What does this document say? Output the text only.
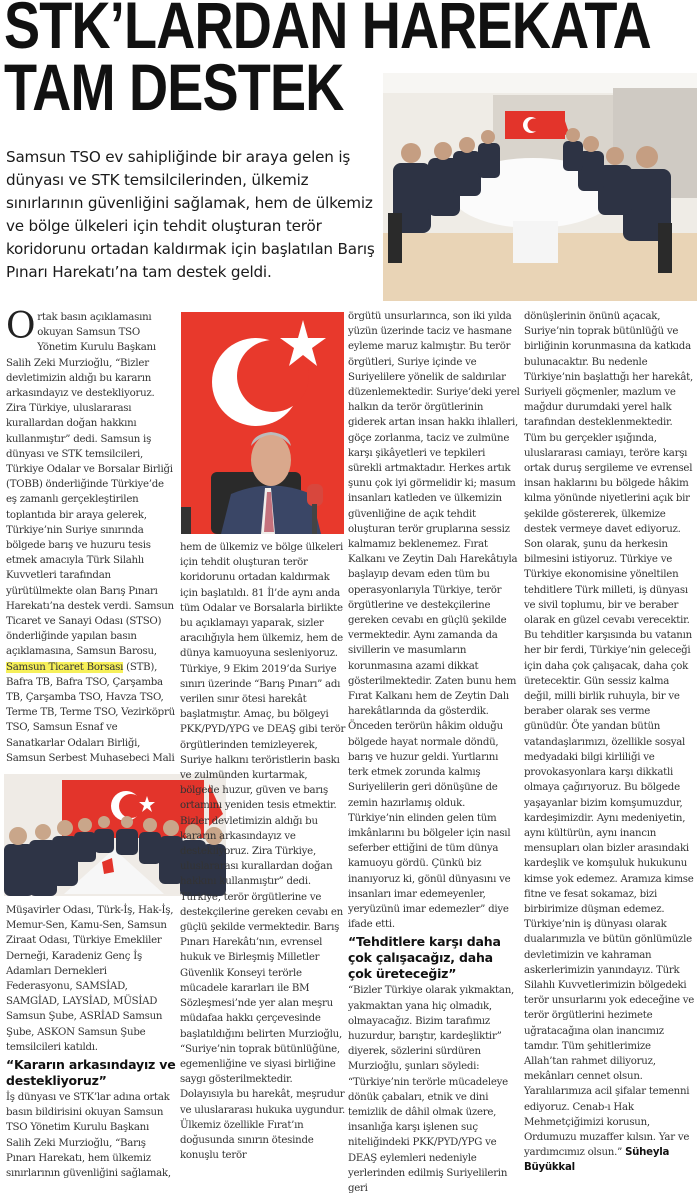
STK’LARDAN HAREKATA
TAM DESTEK

Samsun TSO ev sahipliğinde bir araya gelen iş dünyası ve STK temsilcilerinden, ülkemiz sınırlarının güvenliğini sağlamak, hem de ülkemiz ve bölge ülkeleri için tehdit oluşturan terör koridorunu ortadan kaldırmak için başlatılan Barış Pınarı Harekatı’na tam destek geldi.

Ortak basın açıklamasını okuyan Samsun TSO Yönetim Kurulu Başkanı Salih Zeki Murzioğlu, “Bizler devletimizin aldığı bu kararın arkasındayız ve destekliyoruz. Zira Türkiye, uluslararası kurallardan doğan hakkını kullanmıştır” dedi. Samsun iş dünyası ve STK temsilcileri, Türkiye Odalar ve Borsalar Birliği (TOBB) önderliğinde Türkiye’de eş zamanlı gerçekleştirilen toplantıda bir araya gelerek, Türkiye’nin Suriye sınırında bölgede barış ve huzuru tesis etmek amacıyla Türk Silahlı Kuvvetleri tarafından yürütülmekte olan Barış Pınarı Harekatı’na destek verdi. Samsun Ticaret ve Sanayi Odası (STSO) önderliğinde yapılan basın açıklamasına, Samsun Barosu, Samsun Ticaret Borsası (STB), Bafra TB, Bafra TSO, Çarşamba TB, Çarşamba TSO, Havza TSO, Terme TB, Terme TSO, Vezirköprü TSO, Samsun Esnaf ve Sanatkarlar Odaları Birliği, Samsun Serbest Muhasebeci Mali

Müşavirler Odası, Türk-İş, Hak-İş, Memur-Sen, Kamu-Sen, Samsun Ziraat Odası, Türkiye Emekliler Derneği, Karadeniz Genç İş Adamları Dernekleri Federasyonu, SAMSİAD, SAMGİAD, LAYSİAD, MÜSİAD Samsun Şube, ASRİAD Samsun Şube, ASKON Samsun Şube temsilcileri katıldı.

“Kararın arkasındayız ve destekliyoruz”

İş dünyası ve STK’lar adına ortak basın bildirisini okuyan Samsun TSO Yönetim Kurulu Başkanı Salih Zeki Murzioğlu, “Barış Pınarı Harekatı, hem ülkemiz sınırlarının güvenliğini sağlamak,

hem de ülkemiz ve bölge ülkeleri için tehdit oluşturan terör koridorunu ortadan kaldırmak için başlatıldı. 81 İl’de aynı anda tüm Odalar ve Borsalarla birlikte bu açıklamayı yaparak, sizler aracılığıyla hem ülkemiz, hem de dünya kamuoyuna sesleniyoruz. Türkiye, 9 Ekim 2019’da Suriye sınırı üzerinde “Barış Pınarı” adı verilen sınır ötesi harekât başlatmıştır. Amaç, bu bölgeyi PKK/PYD/YPG ve DEAŞ gibi terör örgütlerinden temizleyerek, Suriye halkını teröristlerin baskı ve zulmünden kurtarmak, bölgede huzur, güven ve barış ortamını yeniden tesis etmektir. Bizler devletimizin aldığı bu kararın arkasındayız ve destekliyoruz. Zira Türkiye, uluslararası kurallardan doğan hakkını kullanmıştır” dedi. Türkiye, terör örgütlerine ve destekçilerine gereken cevabı en güçlü şekilde vermektedir. Barış Pınarı Harekâtı’nın, evrensel hukuk ve Birleşmiş Milletler Güvenlik Konseyi terörle mücadele kararları ile BM Sözleşmesi’nde yer alan meşru müdafaa hakkı çerçevesinde başlatıldığını belirten Murzioğlu, “Suriye’nin toprak bütünlüğüne, egemenliğine ve siyasi birliğine saygı gösterilmektedir. Dolayısıyla bu harekât, meşrudur ve uluslararası hukuka uygundur. Ülkemiz özellikle Fırat’ın doğusunda sınırın ötesinde konuşlu terör

örgütü unsurlarınca, son iki yılda yüzün üzerinde taciz ve hasmane eyleme maruz kalmıştır. Bu terör örgütleri, Suriye içinde ve Suriyelilere yönelik de saldırılar düzenlemektedir. Suriye’deki yerel halkın da terör örgütlerinin giderek artan insan hakkı ihlalleri, göçe zorlanma, taciz ve zulmüne karşı şikâyetleri ve tepkileri sürekli artmaktadır. Herkes artık şunu çok iyi görmelidir ki; masum insanları katleden ve ülkemizin güvenliğine de açık tehdit oluşturan terör gruplarına sessiz kalmamız beklenemez. Fırat Kalkanı ve Zeytin Dalı Harekâtıyla başlayıp devam eden tüm bu operasyonlarıyla Türkiye, terör örgütlerine ve destekçilerine gereken cevabı en güçlü şekilde vermektedir. Aynı zamanda da sivillerin ve masumların korunmasına azami dikkat gösterilmektedir. Zaten bunu hem Fırat Kalkanı hem de Zeytin Dalı harekâtlarında da gösterdik. Önceden terörün hâkim olduğu bölgede hayat normale döndü, barış ve huzur geldi. Yurtlarını terk etmek zorunda kalmış Suriyelilerin geri dönüşüne de zemin hazırlamış olduk. Türkiye’nin elinden gelen tüm imkânlarını bu bölgeler için nasıl seferber ettiğini de tüm dünya kamuoyu gördü. Çünkü biz inanıyoruz ki, gönül dünyasını ve insanları imar edemeyenler, yeryüzünü imar edemezler” diye ifade etti.

“Tehditlere karşı daha çok çalışacağız, daha çok üreteceğiz”

“Bizler Türkiye olarak yıkmaktan, yakmaktan yana hiç olmadık, olmayacağız. Bizim tarafımız huzurdur, barıştır, kardeşliktir” diyerek, sözlerini sürdüren Murzioğlu, şunları söyledi: “Türkiye’nin terörle mücadeleye dönük çabaları, etnik ve dini temizlik de dâhil olmak üzere, insanlığa karşı işlenen suç niteliğindeki PKK/PYD/YPG ve DEAŞ eylemleri nedeniyle yerlerinden edilmiş Suriyelilerin geri

dönüşlerinin önünü açacak, Suriye’nin toprak bütünlüğü ve birliğinin korunmasına da katkıda bulunacaktır. Bu nedenle Türkiye’nin başlattığı her harekât, Suriyeli göçmenler, mazlum ve mağdur durumdaki yerel halk tarafından desteklenmektedir. Tüm bu gerçekler ışığında, uluslararası camiayı, teröre karşı ortak duruş sergileme ve evrensel insan haklarını bu bölgede hâkim kılma yönünde niyetlerini açık bir şekilde göstererek, ülkemize destek vermeye davet ediyoruz. Son olarak, şunu da herkesin bilmesini istiyoruz. Türkiye ve Türkiye ekonomisine yöneltilen tehditlere Türk milleti, iş dünyası ve sivil toplumu, bir ve beraber olarak en güzel cevabı verecektir. Bu tehditler karşısında bu vatanın her bir ferdi, Türkiye’nin geleceği için daha çok çalışacak, daha çok üretecektir. Gün sessiz kalma değil, milli birlik ruhuyla, bir ve beraber olarak ses verme günüdür. Öte yandan bütün vatandaşlarımızı, özellikle sosyal medyadaki bilgi kirliliği ve provokasyonlara karşı dikkatli olmaya çağırıyoruz. Bu bölgede yaşayanlar bizim komşumuzdur, kardeşimizdir. Aynı medeniyetin, aynı kültürün, aynı inancın mensupları olan bizler arasındaki kardeşlik ve komşuluk hukukunu kimse yok edemez. Aramıza kimse fitne ve fesat sokamaz, bizi birbirimize düşman edemez. Türkiye’nin iş dünyası olarak dualarımızla ve bütün gönlümüzle devletimizin ve kahraman askerlerimizin yanındayız. Türk Silahlı Kuvvetlerimizin bölgedeki terör unsurlarını yok edeceğine ve terör örgütlerini hezimete uğratacağına olan inancımız tamdır. Tüm şehitlerimize Allah’tan rahmet diliyoruz, mekânları cennet olsun. Yaralılarımıza acil şifalar temenni ediyoruz. Cenab-ı Hak Mehmetçiğimizi korusun, Ordumuzu muzaffer kılsın. Yar ve yardımcımız olsun.” Süheyla Büyükkal
